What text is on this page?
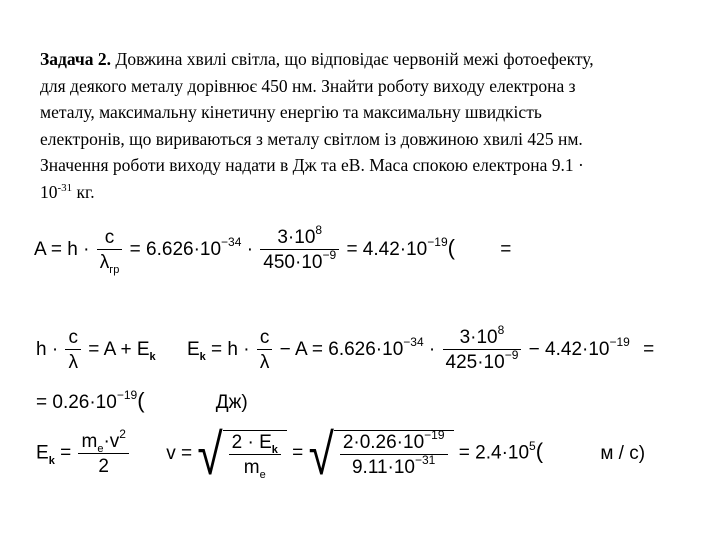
Задача 2. Довжина хвилі світла, що відповідає червоній межі фотоефекту,
для деякого металу дорівнює 450 нм. Знайти роботу виходу електрона з
металу, максимальну кінетичну енергію та максимальну швидкість
електронів, що вириваються з металу світлом із довжиною хвилі 425 нм.
Значення роботи виходу надати в Дж та еВ. Маса спокою електрона 9.1 ·
$10^{-31}$ кг.
$A = h \cdot \frac{c}{\lambda_{гр}} = 6.626\cdot 10^{-34} \cdot \frac{3\cdot 10^8}{450\cdot 10^{-9}} = 4.42\cdot 10^{-19}$( =
$h \cdot \frac{c}{\lambda} = A + E_k$ $E_k = h \cdot \frac{c}{\lambda} - A = 6.626\cdot 10^{-34} \cdot \frac{3\cdot 10^8}{425\cdot 10^{-9}} - 4.42\cdot 10^{-19}$ =
= $0.26\cdot 10^{-19}$(	Дж)
$E_k = \frac{m_e\cdot v^2}{2}$ v = √ $\frac{2 \cdot E_k}{m_e}$ = √ $\frac{2\cdot 0.26\cdot 10^{-19}}{9.11\cdot 10^{-31}} = 2.4\cdot 10^5$(	м / с)
